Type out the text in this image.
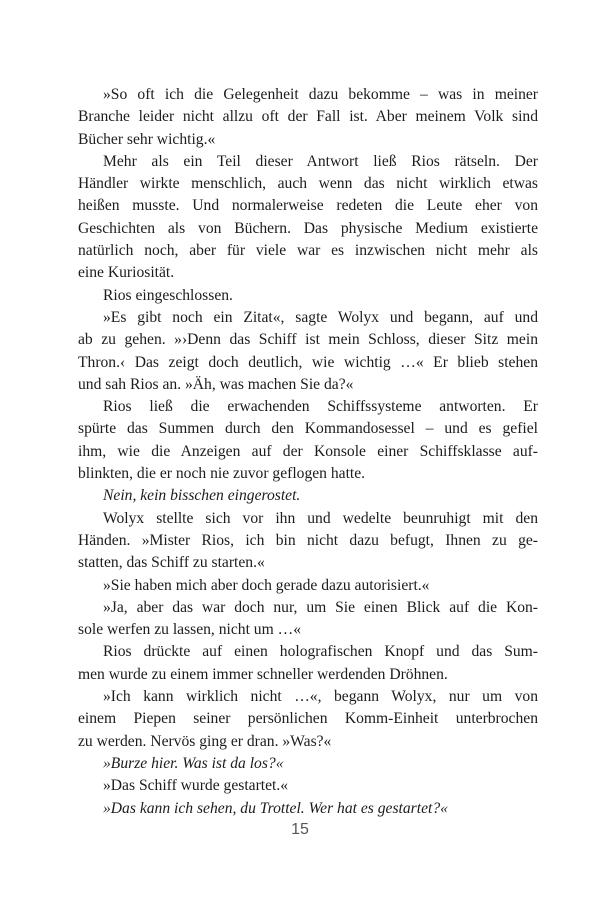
»So oft ich die Gelegenheit dazu bekomme – was in meiner
Branche leider nicht allzu oft der Fall ist. Aber meinem Volk sind
Bücher sehr wichtig.«
Mehr als ein Teil dieser Antwort ließ Rios rätseln. Der
Händler wirkte menschlich, auch wenn das nicht wirklich etwas
heißen musste. Und normalerweise redeten die Leute eher von
Geschichten als von Büchern. Das physische Medium existierte
natürlich noch, aber für viele war es inzwischen nicht mehr als
eine Kuriosität.
Rios eingeschlossen.
»Es gibt noch ein Zitat«, sagte Wolyx und begann, auf und
ab zu gehen. »›Denn das Schiff ist mein Schloss, dieser Sitz mein
Thron.‹ Das zeigt doch deutlich, wie wichtig …« Er blieb stehen
und sah Rios an. »Äh, was machen Sie da?«
Rios ließ die erwachenden Schiffssysteme antworten. Er
spürte das Summen durch den Kommandosessel – und es gefiel
ihm, wie die Anzeigen auf der Konsole einer Schiffsklasse auf-
blinkten, die er noch nie zuvor geflogen hatte.
Nein, kein bisschen eingerostet.
Wolyx stellte sich vor ihn und wedelte beunruhigt mit den
Händen. »Mister Rios, ich bin nicht dazu befugt, Ihnen zu ge-
statten, das Schiff zu starten.«
»Sie haben mich aber doch gerade dazu autorisiert.«
»Ja, aber das war doch nur, um Sie einen Blick auf die Kon-
sole werfen zu lassen, nicht um …«
Rios drückte auf einen holografischen Knopf und das Sum-
men wurde zu einem immer schneller werdenden Dröhnen.
»Ich kann wirklich nicht …«, begann Wolyx, nur um von
einem Piepen seiner persönlichen Komm-Einheit unterbrochen
zu werden. Nervös ging er dran. »Was?«
»Burze hier. Was ist da los?«
»Das Schiff wurde gestartet.«
»Das kann ich sehen, du Trottel. Wer hat es gestartet?«
15
